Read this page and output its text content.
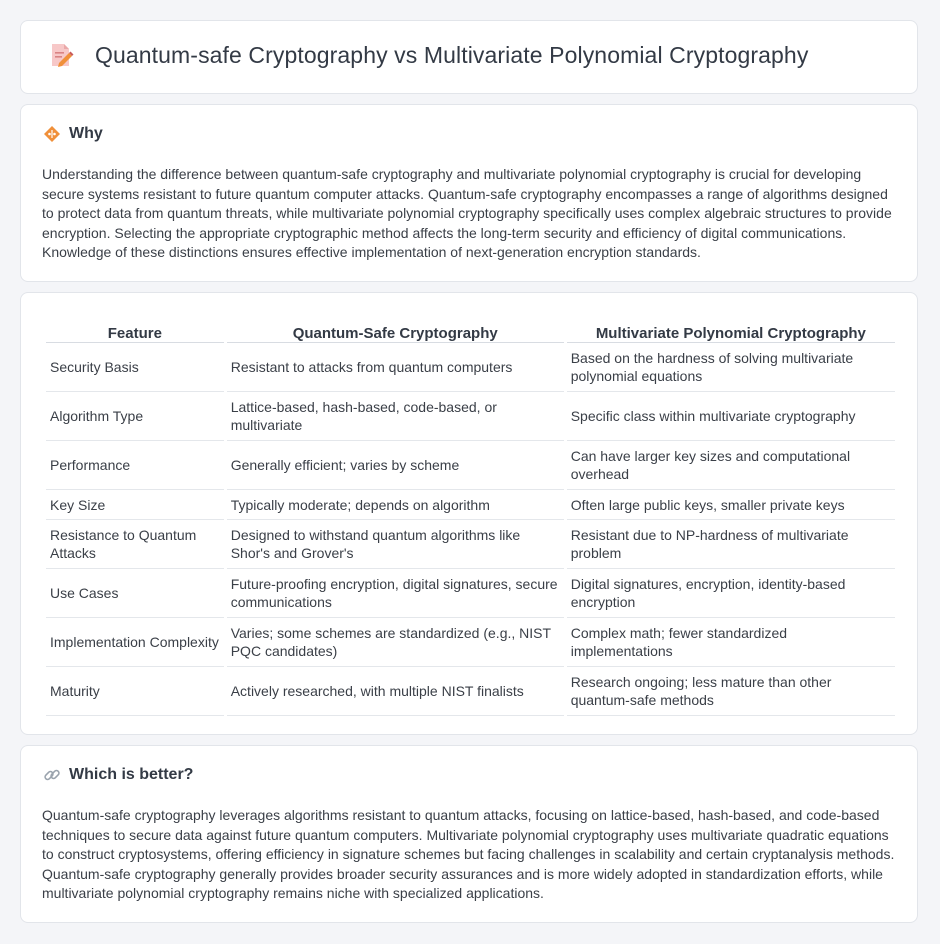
Quantum-safe Cryptography vs Multivariate Polynomial Cryptography
Why

Understanding the difference between quantum-safe cryptography and multivariate polynomial cryptography is crucial for developing secure systems resistant to future quantum computer attacks. Quantum-safe cryptography encompasses a range of algorithms designed to protect data from quantum threats, while multivariate polynomial cryptography specifically uses complex algebraic structures to provide encryption. Selecting the appropriate cryptographic method affects the long-term security and efficiency of digital communications. Knowledge of these distinctions ensures effective implementation of next-generation encryption standards.

Feature	Quantum-Safe Cryptography	Multivariate Polynomial Cryptography
Security Basis	Resistant to attacks from quantum computers	Based on the hardness of solving multivariate polynomial equations
Algorithm Type	Lattice-based, hash-based, code-based, or multivariate	Specific class within multivariate cryptography
Performance	Generally efficient; varies by scheme	Can have larger key sizes and computational overhead
Key Size	Typically moderate; depends on algorithm	Often large public keys, smaller private keys
Resistance to Quantum Attacks	Designed to withstand quantum algorithms like Shor's and Grover's	Resistant due to NP-hardness of multivariate problem
Use Cases	Future-proofing encryption, digital signatures, secure communications	Digital signatures, encryption, identity-based encryption
Implementation Complexity	Varies; some schemes are standardized (e.g., NIST PQC candidates)	Complex math; fewer standardized implementations
Maturity	Actively researched, with multiple NIST finalists	Research ongoing; less mature than other quantum-safe methods
Which is better?

Quantum-safe cryptography leverages algorithms resistant to quantum attacks, focusing on lattice-based, hash-based, and code-based techniques to secure data against future quantum computers. Multivariate polynomial cryptography uses multivariate quadratic equations to construct cryptosystems, offering efficiency in signature schemes but facing challenges in scalability and certain cryptanalysis methods. Quantum-safe cryptography generally provides broader security assurances and is more widely adopted in standardization efforts, while multivariate polynomial cryptography remains niche with specialized applications.
